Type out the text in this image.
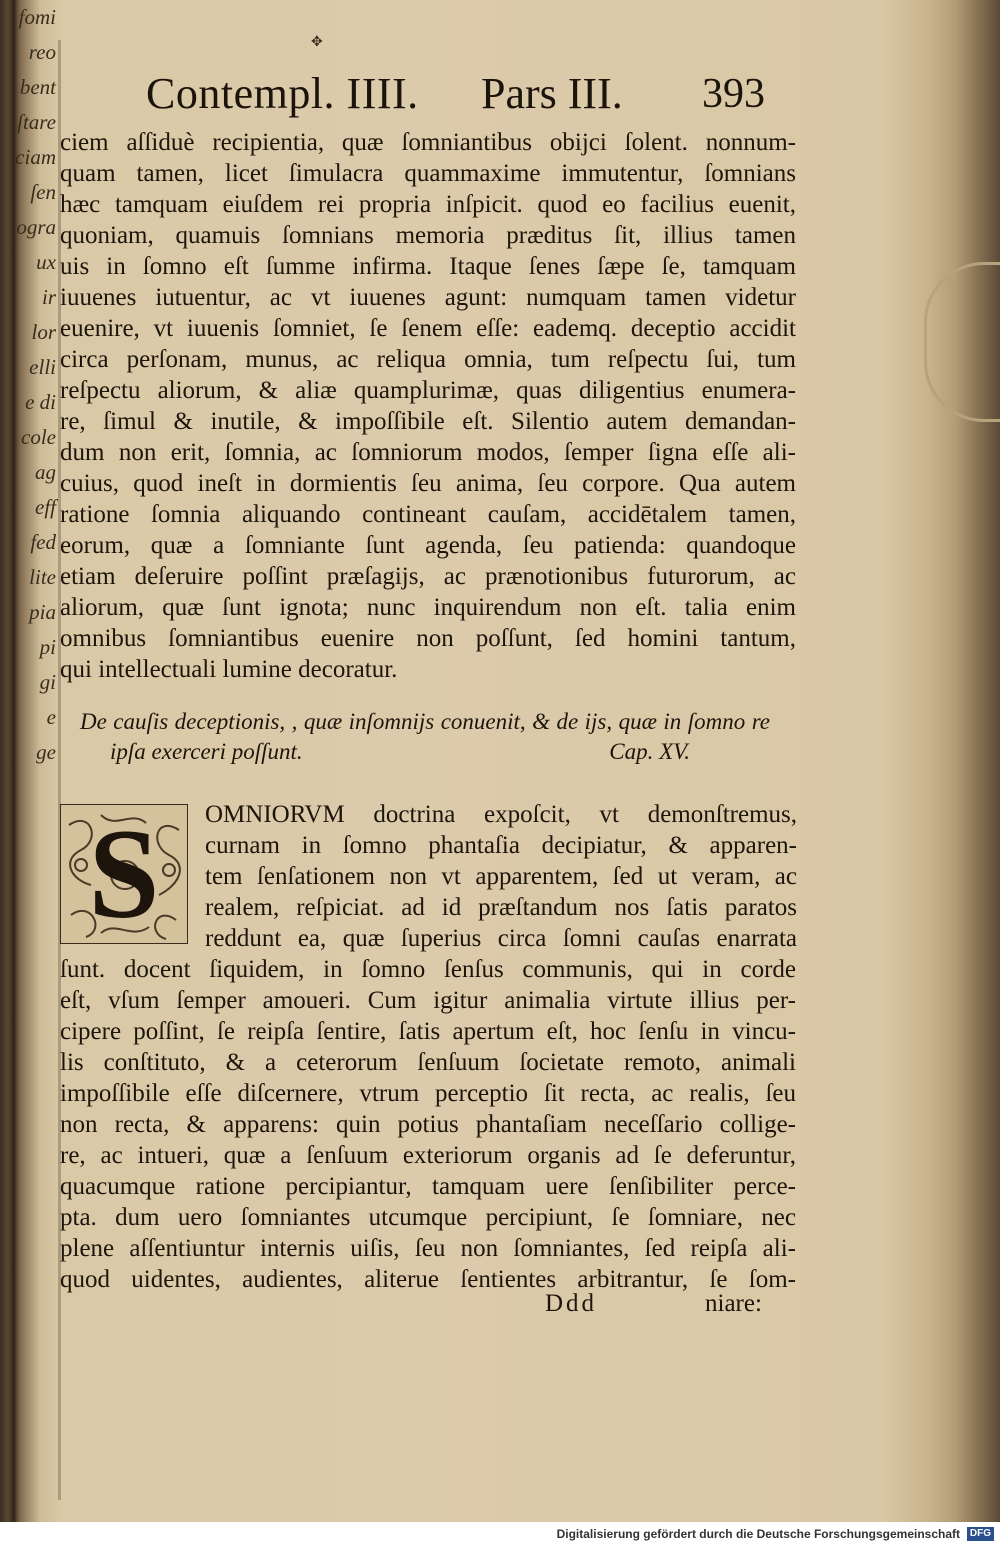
fomi
reo
bent
ſtare
ciam
ſen
ogra
ux
ir
lor
elli
e di
cole
ag
eff
fed
lite
pia
pi
gi
e
ge
✥
Contempl. IIII. Pars III. 393
ciem aſſiduè recipientia, quæ ſomniantibus obijci ſolent. nonnum-
quam tamen, licet ſimulacra quammaxime immutentur, ſomnians
hæc tamquam eiuſdem rei propria inſpicit. quod eo facilius euenit,
quoniam, quamuis ſomnians memoria præditus ſit, illius tamen
uis in ſomno eſt ſumme infirma. Itaque ſenes ſæpe ſe, tamquam
iuuenes iutuentur, ac vt iuuenes agunt: numquam tamen videtur
euenire, vt iuuenis ſomniet, ſe ſenem eſſe: eademq. deceptio accidit
circa perſonam, munus, ac reliqua omnia, tum reſpectu ſui, tum
reſpectu aliorum, & aliæ quamplurimæ, quas diligentius enumera-
re, ſimul & inutile, & impoſſibile eſt. Silentio autem demandan-
dum non erit, ſomnia, ac ſomniorum modos, ſemper ſigna eſſe ali-
cuius, quod ineſt in dormientis ſeu anima, ſeu corpore. Qua autem
ratione ſomnia aliquando contineant cauſam, accidētalem tamen,
eorum, quæ a ſomniante ſunt agenda, ſeu patienda: quandoque
etiam deſeruire poſſint præſagijs, ac prænotionibus futurorum, ac
aliorum, quæ ſunt ignota; nunc inquirendum non eſt. talia enim
omnibus ſomniantibus euenire non poſſunt, ſed homini tantum,
qui intellectuali lumine decoratur.
De cauſis deceptionis, , quæ inſomnijs conuenit, & de ijs, quæ in ſomno re
ipſa exerceri poſſunt.	Cap. XV.
S	OMNIORVM doctrina expoſcit, vt demonſtremus,
curnam in ſomno phantaſia decipiatur, & apparen-
tem ſenſationem non vt apparentem, ſed ut veram, ac
realem, reſpiciat. ad id præſtandum nos ſatis paratos
reddunt ea, quæ ſuperius circa ſomni cauſas enarrata
ſunt. docent ſiquidem, in ſomno ſenſus communis, qui in corde
eſt, vſum ſemper amoueri. Cum igitur animalia virtute illius per-
cipere poſſint, ſe reipſa ſentire, ſatis apertum eſt, hoc ſenſu in vincu-
lis conſtituto, & a ceterorum ſenſuum ſocietate remoto, animali
impoſſibile eſſe diſcernere, vtrum perceptio ſit recta, ac realis, ſeu
non recta, & apparens: quin potius phantaſiam neceſſario collige-
re, ac intueri, quæ a ſenſuum exteriorum organis ad ſe deferuntur,
quacumque ratione percipiantur, tamquam uere ſenſibiliter perce-
pta. dum uero ſomniantes utcumque percipiunt, ſe ſomniare, nec
plene aſſentiuntur internis uiſis, ſeu non ſomniantes, ſed reipſa ali-
quod uidentes, audientes, aliterue ſentientes arbitrantur, ſe ſom-
Ddd	niare:
Digitalisierung gefördert durch die Deutsche Forschungsgemeinschaft DFG
